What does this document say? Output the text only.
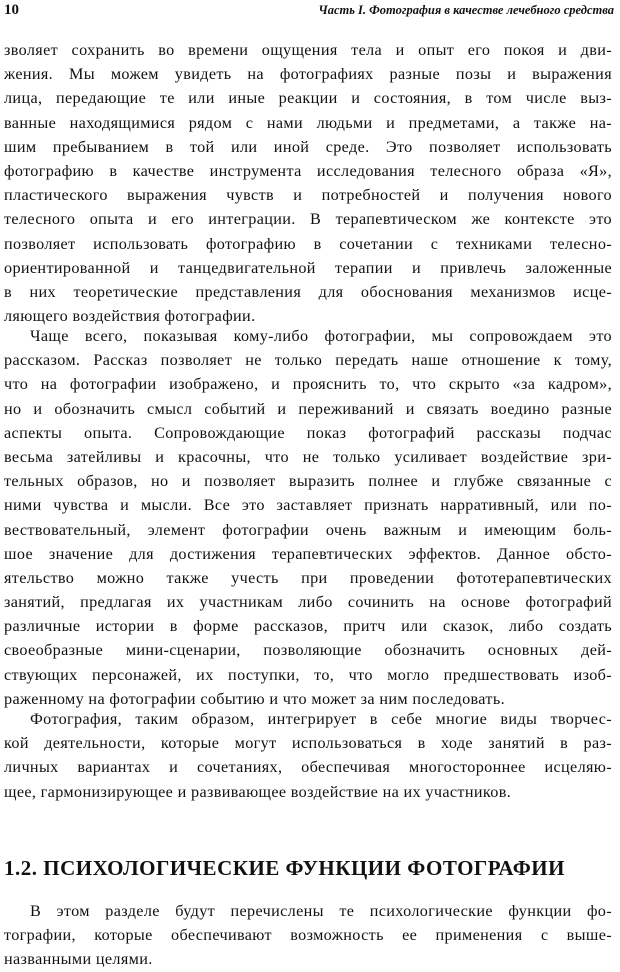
10	Часть I. Фотография в качестве лечебного средства
зволяет сохранить во времени ощущения тела и опыт его покоя и дви-
жения. Мы можем увидеть на фотографиях разные позы и выражения
лица, передающие те или иные реакции и состояния, в том числе выз-
ванные находящимися рядом с нами людьми и предметами, а также на-
шим пребыванием в той или иной среде. Это позволяет использовать
фотографию в качестве инструмента исследования телесного образа «Я»,
пластического выражения чувств и потребностей и получения нового
телесного опыта и его интеграции. В терапевтическом же контексте это
позволяет использовать фотографию в сочетании с техниками телесно-
ориентированной и танцедвигательной терапии и привлечь заложенные
в них теоретические представления для обоснования механизмов исце-
ляющего воздействия фотографии.
Чаще всего, показывая кому-либо фотографии, мы сопровождаем это
рассказом. Рассказ позволяет не только передать наше отношение к тому,
что на фотографии изображено, и прояснить то, что скрыто «за кадром»,
но и обозначить смысл событий и переживаний и связать воедино разные
аспекты опыта. Сопровождающие показ фотографий рассказы подчас
весьма затейливы и красочны, что не только усиливает воздействие зри-
тельных образов, но и позволяет выразить полнее и глубже связанные с
ними чувства и мысли. Все это заставляет признать нарративный, или по-
вествовательный, элемент фотографии очень важным и имеющим боль-
шое значение для достижения терапевтических эффектов. Данное обсто-
ятельство можно также учесть при проведении фототерапевтических
занятий, предлагая их участникам либо сочинить на основе фотографий
различные истории в форме рассказов, притч или сказок, либо создать
своеобразные мини-сценарии, позволяющие обозначить основных дей-
ствующих персонажей, их поступки, то, что могло предшествовать изоб-
раженному на фотографии событию и что может за ним последовать.
Фотография, таким образом, интегрирует в себе многие виды творчес-
кой деятельности, которые могут использоваться в ходе занятий в раз-
личных вариантах и сочетаниях, обеспечивая многостороннее исцеляю-
щее, гармонизирующее и развивающее воздействие на их участников.
1.2. ПСИХОЛОГИЧЕСКИЕ ФУНКЦИИ ФОТОГРАФИИ
В этом разделе будут перечислены те психологические функции фо-
тографии, которые обеспечивают возможность ее применения с выше-
названными целями.
